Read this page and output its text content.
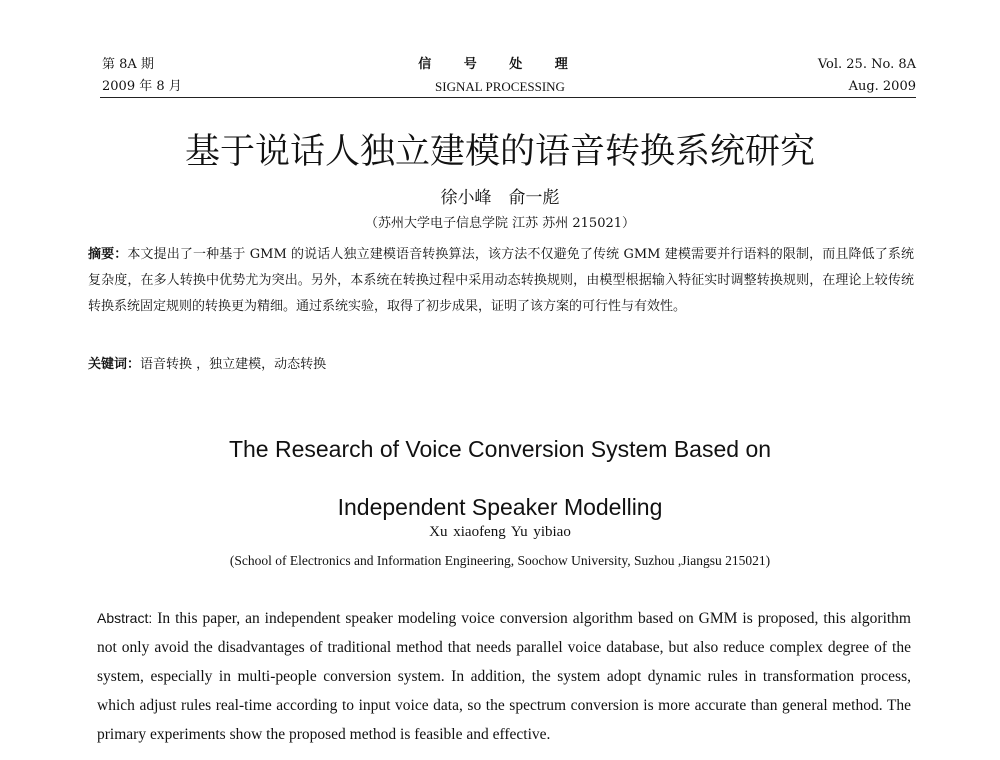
第 8A 期
2009 年 8 月
信 号 处 理
SIGNAL PROCESSING
Vol. 25. No. 8A
Aug. 2009
基于说话人独立建模的语音转换系统研究
徐小峰　俞一彪
（苏州大学电子信息学院 江苏 苏州 215021）
摘要：本文提出了一种基于 GMM 的说话人独立建模语音转换算法，该方法不仅避免了传统 GMM 建模需要并行语料的限制，而且降低了系统复杂度，在多人转换中优势尤为突出。另外，本系统在转换过程中采用动态转换规则，由模型根据输入特征实时调整转换规则，在理论上较传统转换系统固定规则的转换更为精细。通过系统实验，取得了初步成果，证明了该方案的可行性与有效性。
关键词：语音转换 ，独立建模，动态转换
The Research of Voice Conversion System Based on
Independent Speaker Modelling
Xu xiaofeng Yu yibiao
(School of Electronics and Information Engineering, Soochow University, Suzhou ,Jiangsu 215021)
Abstract: In this paper, an independent speaker modeling voice conversion algorithm based on GMM is proposed, this algorithm not only avoid the disadvantages of traditional method that needs parallel voice database, but also reduce complex degree of the system, especially in multi-people conversion system. In addition, the system adopt dynamic rules in transformation process, which adjust rules real-time according to input voice data, so the spectrum conversion is more accurate than general method. The primary experiments show the proposed method is feasible and effective.
